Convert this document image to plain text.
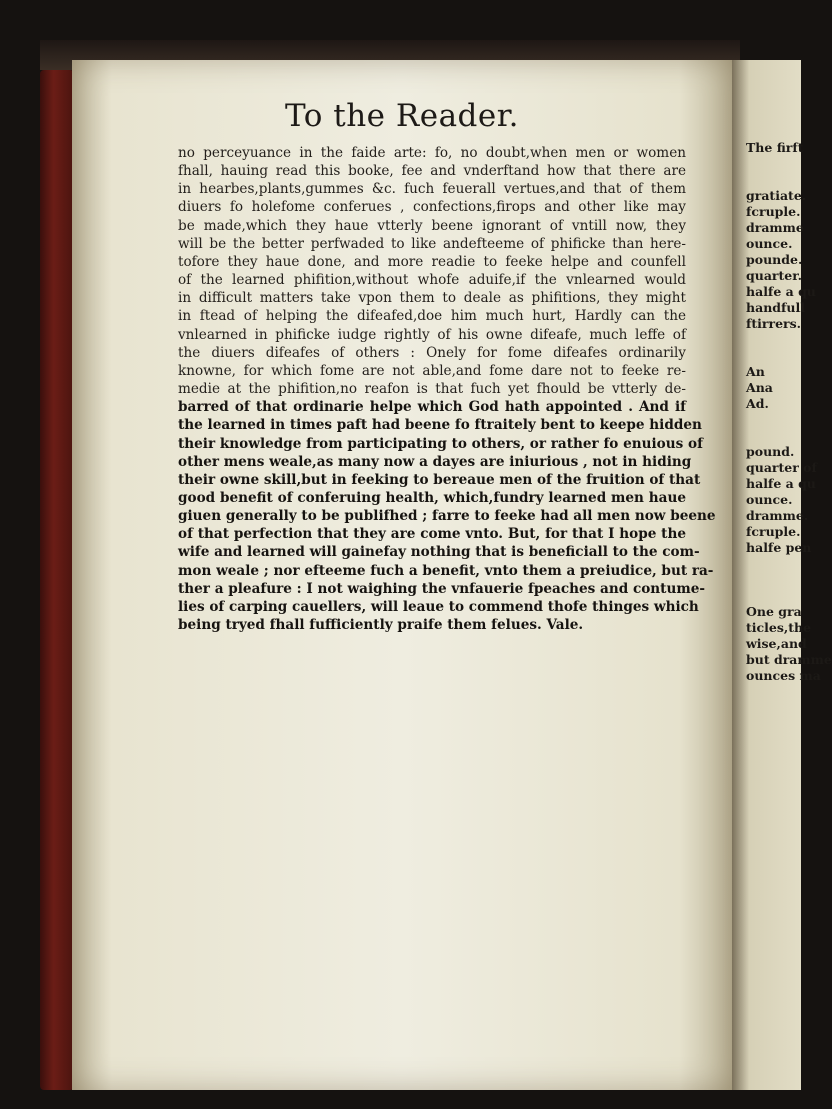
The firft

gratiate.
fcruple.
dramme
ounce.
pounde.
quarter.
halfe a qu
handfull
ftirrers.

An
Ana
Ad.

pound.
quarter of
halfe a qu
ounce.
dramme.
fcruple.
halfe pen

One gra
ticles,the
wise,and
but dramme
ounces ma
To the Reader.
no perceyuance in the faide arte: fo, no doubt,when men or women
fhall, hauing read this booke, fee and vnderftand how that there are
in hearbes,plants,gummes &c. fuch feuerall vertues,and that of them
diuers fo holefome conferues , confections,firops and other like may
be made,which they haue vtterly beene ignorant of vntill now, they
will be the better perfwaded to like andefteeme of phificke than here-
tofore they haue done, and more readie to feeke helpe and counfell
of the learned phifition,without whofe aduife,if the vnlearned would
in difficult matters take vpon them to deale as phifitions, they might
in ftead of helping the difeafed,doe him much hurt, Hardly can the
vnlearned in phificke iudge rightly of his owne difeafe, much leffe of
the diuers difeafes of others : Onely for fome difeafes ordinarily
knowne, for which fome are not able,and fome dare not to feeke re-
medie at the phifition,no reafon is that fuch yet fhould be vtterly de-
barred of that ordinarie helpe which God hath appointed . And if
the learned in times paft had beene fo ftraitely bent to keepe hidden
their knowledge from participating to others, or rather fo enuious of
other mens weale,as many now a dayes are iniurious , not in hiding
their owne skill,but in feeking to bereaue men of the fruition of that
good benefit of conferuing health, which,fundry learned men haue
giuen generally to be publifhed ; farre to feeke had all men now beene
of that perfection that they are come vnto. But, for that I hope the
wife and learned will gainefay nothing that is beneficiall to the com-
mon weale ; nor efteeme fuch a benefit, vnto them a preiudice, but ra-
ther a pleafure : I not waighing the vnfauerie fpeaches and contume-
lies of carping cauellers, will leaue to commend thofe thinges which
being tryed fhall fufficiently praife them felues. Vale.
